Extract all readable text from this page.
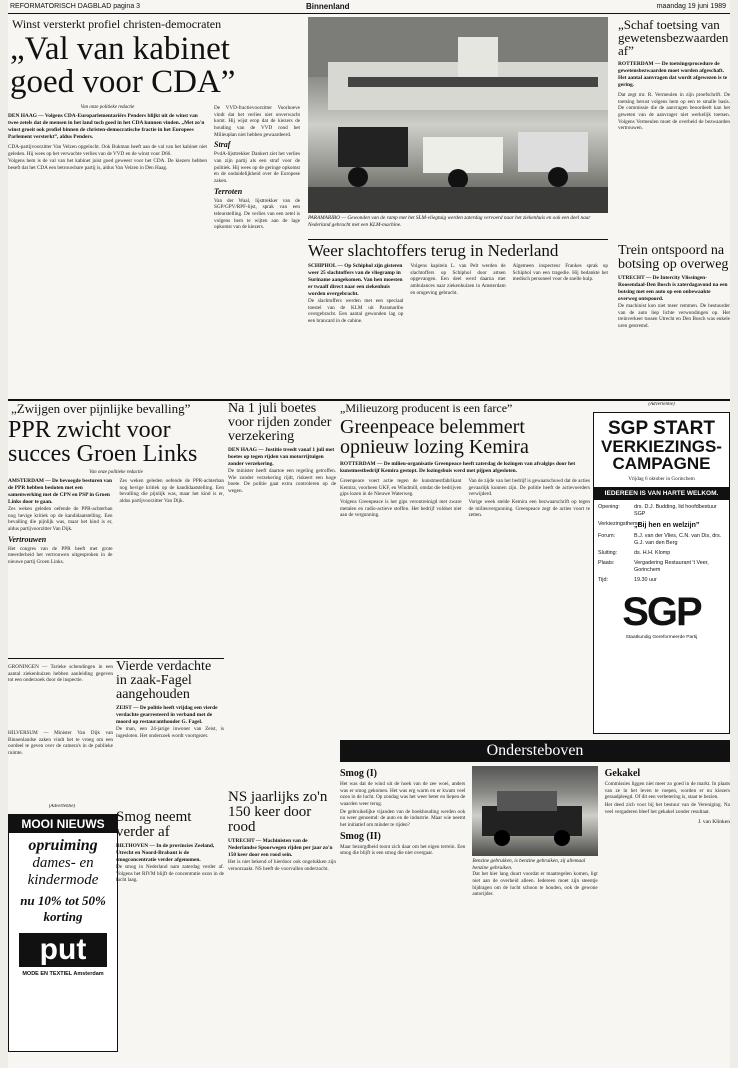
REFORMATORISCH DAGBLAD pagina 3	Binnenland	maandag 19 juni 1989
Winst versterkt profiel christen-democraten
„Val van kabinet
goed voor CDA”
Van onze politieke redactie
DEN HAAG — Volgens CDA-Europarlementariërs Penders blijkt uit de winst van twee zetels dat de mensen in het land toch goed in het CDA kunnen vinden. „Met zo'n winst groeit ook profiel binnen de christen-democratische fractie in het Europees Parlement versterkt”, aldus Penders.

CDA-partijvoorzitter Van Velzen opgelucht. Ook Bukman heeft aan de val van het kabinet niet geleden. Hij wees op het verwachte verlies van de VVD en de winst voor D66.

Volgens hem is de val van het kabinet juist goed geweest voor het CDA. De kiezers hebben beseft dat het CDA een betrouwbare partij is, aldus Van Velzen in Den Haag.

De VVD-fractievoorzitter Voorhoeve vindt dat het verlies niet onverwacht komt. Hij wijst erop dat de kiezers de houding van de VVD rond het Milieuplan niet hebben gewaardeerd.

Straf

PvdA-lijsttrekker Dankert ziet het verlies van zijn partij als een straf voor de politiek. Hij wees op de geringe opkomst en de onduidelijkheid over de Europese zaken.

Terroten

Van der Waal, lijsttrekker van de SGP/GPV/RPF-lijst, sprak van een teleurstelling. De verlies van een zetel is volgens hem te wijten aan de lage opkomst van de kiezers.

PARAMARIBO — Gewonden van de ramp met het SLM-vliegtuig werden zaterdag vervoerd naar het ziekenhuis en ook een deel naar Nederland gebracht met een KLM-machine.
„Schaf toetsing van gewetensbezwaarden af”
ROTTERDAM — De toetsingsprocedure de gewetensbezwaarden moet worden afgeschaft. Het aantal aanvragen dat wordt afgewezen is te gering.

Dat zegt mr. R. Vermeulen in zijn proefschrift. De toetsing berust volgens hem op een te smalle basis. De commissie die de aanvragen beoordeelt kan het geweten van de aanvrager niet werkelijk toetsen. Volgens Vermeulen moet de overheid de bezwaarden vertrouwen.

Weer slachtoffers terug in Nederland
SCHIPHOL — Op Schiphol zijn gisteren weer 25 slachtoffers van de vliegramp in Suriname aangekomen. Van hen moesten er twaalf direct naar een ziekenhuis worden overgebracht.

De slachtoffers werden met een speciaal toestel van de KLM uit Paramaribo overgebracht. Een aantal gewonden lag op een brancard in de cabine.

Volgens kapitein L. van Pelt werden de slachtoffers op Schiphol door artsen opgevangen. Een deel werd daarna met ambulances naar ziekenhuizen in Amsterdam en omgeving gebracht.

Algemeen inspecteur Frankes sprak op Schiphol van een tragedie. Hij bedankte het medisch personeel voor de snelle hulp.

Trein ontspoord na botsing op overweg
UTRECHT — De Intercity Vlissingen-Roosendaal-Den Bosch is zaterdagavond na een botsing met een auto op een onbewaakte overweg ontspoord.

De machinist kon niet meer remmen. De bestuurder van de auto liep lichte verwondingen op. Het treinverkeer tussen Utrecht en Den Bosch was enkele uren gestremd.

(Advertentie)
SGP START
VERKIEZINGS-
CAMPAGNE
Vrijdag 6 oktober in Gorinchem
IEDEREEN IS VAN HARTE WELKOM.
Opening:	drs. D.J. Budding, lid hoofdbestuur SGP
Verkiezingsthema:
„Bij hen en welzijn”
Forum:	B.J. van der Vlies, C.N. van Dis, drs. G.J. van den Berg
Sluiting:	ds. H.H. Klomp
Plaats:	Vergadering Restaurant 't Veer, Gorinchem
Tijd:	19.30 uur
SGP
Staatkundig Gereformeerde Partij
„Zwijgen over pijnlijke bevalling”
PPR zwicht voor
succes Groen Links
Van onze politieke redactie
AMSTERDAM — De bevoegde besturen van de PPR hebben besloten met een samenwerking met de CPN en PSP in Groen Links door te gaan.

Zes weken geleden oefende de PPR-achterban nog hevige kritiek op de kandidaatstelling. Een bevalling die pijnlijk was, maar het kind is er, aldus partijvoorzitter Van Dijk.

Vertrouwen

Het congres van de PPR heeft met grote meerderheid het vertrouwen uitgesproken in de nieuwe partij Groen Links.

Zes weken geleden oefende de PPR-achterban nog hevige kritiek op de kandidaatstelling. Een bevalling die pijnlijk was, maar het kind is er, aldus partijvoorzitter Van Dijk.

GRONINGEN — Tarieke schendingen in een aantal ziekenhuizen hebben aanleiding gegeven tot een onderzoek door de inspectie.

HILVERSUM — Minister Van Dijk van Binnenlandse zaken vindt het te vroeg om een oordeel te geven over de camera's in de publieke ruimte.

(Advertentie)
MOOI NIEUWS
opruiming
dames- en
kindermode
nu 10% tot 50% korting
put
MODE EN TEXTIEL Amsterdam
Na 1 juli boetes voor rijden zonder verzekering
DEN HAAG — Justitie treedt vanaf 1 juli met boetes op tegen rijden van motorrijtuigen zonder verzekering.

De minister heeft daartoe een regeling getroffen. Wie zonder verzekering rijdt, riskeert een hoge boete. De politie gaat extra controleren op de wegen.

Vierde verdachte in zaak-Fagel aangehouden
ZEIST — De politie heeft vrijdag een vierde verdachte gearresteerd in verband met de moord op restauranthouder G. Fagel.

De man, een 24-jarige inwoner van Zeist, is ingesloten. Het onderzoek wordt voortgezet.

Smog neemt verder af
BILTHOVEN — In de provincies Zeeland, Utrecht en Noord-Brabant is de smogconcentratie verder afgenomen.

De smog in Nederland nam zaterdag verder af. Volgens het RIVM blijft de concentratie ozon in de lucht laag.

NS jaarlijks zo'n 150 keer door rood
UTRECHT — Machinisten van de Nederlandse Spoorwegen rijden per jaar zo'n 150 keer door een rood sein.

Het is niet bekend of hierdoor ook ongelukken zijn veroorzaakt. NS heeft de voorvallen onderzocht.

„Milieuzorg producent is een farce”
Greenpeace belemmert
opnieuw lozing Kemira
ROTTERDAM — De milieu-organisatie Greenpeace heeft zaterdag de lozingen van afvalgips door het kunstmestbedrijf Kemira gestopt. De lozingsbuis werd met pijpen afgesloten.

Greenpeace voert actie tegen de kunstmestfabrikant Kemira, voorheen UKF, en Windmill, omdat die bedrijven gips lozen in de Nieuwe Waterweg.

Volgens Greenpeace is het gips verontreinigd met zware metalen en radio-actieve stoffen. Het bedrijf voldoet niet aan de vergunning.

Van de zijde van het bedrijf is gewaarschuwd dat de acties gevaarlijk kunnen zijn. De politie heeft de actievoerders verwijderd.

Vorige week stelde Kemira een bezwaarschrift op tegen de milieuvergunning. Greenpeace zegt de acties voort te zetten.

Ondersteboven
Smog (I)

Het was dat de wind uit de hoek van de zee woei, anders was er smog gekomen. Het was erg warm en er kwam veel ozon in de lucht. Op zondag was het weer beter en liepen de waarden weer terug.

De gebruikelijke vijanden van de boekhouding werden ook nu weer genoemd: de auto en de industrie. Maar wie neemt het initiatief om minder te rijden?

Smog (II)

Maar bezorgdheid toont zich daar om het eigen terrein. Een smog die blijft is een smog die niet overgaat.

Benzine gebruiken, is benzine gebruiken, zij allemaal benzine gebruiken.

Dat het hier lang duurt voordat er maatregelen komen, ligt niet aan de overheid alleen. Iedereen moet zijn steentje bijdragen om de lucht schoon te houden, ook de gewone autorijder.

Gekakel

Commissies liggen niet meer zo goed in de markt. In plaats van ze in het leven te roepen, worden er nu kiezers geraadpleegd. Of dit een verbetering is, staat te bezien.

Het deed zich voor bij het bestuur van de Vereniging. Na veel vergaderen bleef het gekakel zonder resultaat.

J. van Klinken
